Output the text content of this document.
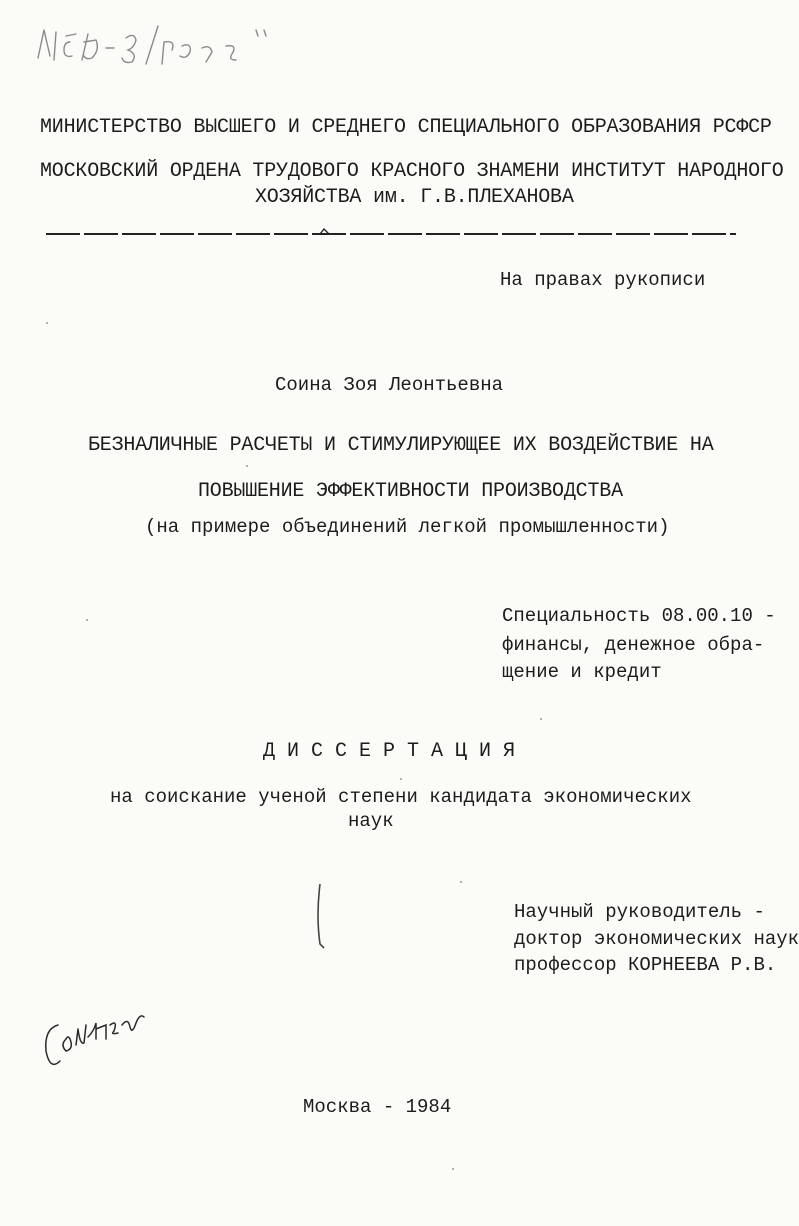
МИНИСТЕРСТВО ВЫСШЕГО И СРЕДНЕГО СПЕЦИАЛЬНОГО ОБРАЗОВАНИЯ РСФСР
МОСКОВСКИЙ ОРДЕНА ТРУДОВОГО КРАСНОГО ЗНАМЕНИ ИНСТИТУТ НАРОДНОГО
ХОЗЯЙСТВА им. Г.В.ПЛЕХАНОВА
На правах рукописи
Соина Зоя Леонтьевна
БЕЗНАЛИЧНЫЕ РАСЧЕТЫ И СТИМУЛИРУЮЩЕЕ ИХ ВОЗДЕЙСТВИЕ НА
ПОВЫШЕНИЕ ЭФФЕКТИВНОСТИ ПРОИЗВОДСТВА
(на примере объединений легкой промышленности)
Специальность 08.00.10 -
финансы, денежное обра-
щение и кредит
Д И С С Е Р Т А Ц И Я
на соискание ученой степени кандидата экономических
наук
Научный руководитель -
доктор экономических наук
профессор КОРНЕЕВА Р.В.
Москва - 1984
